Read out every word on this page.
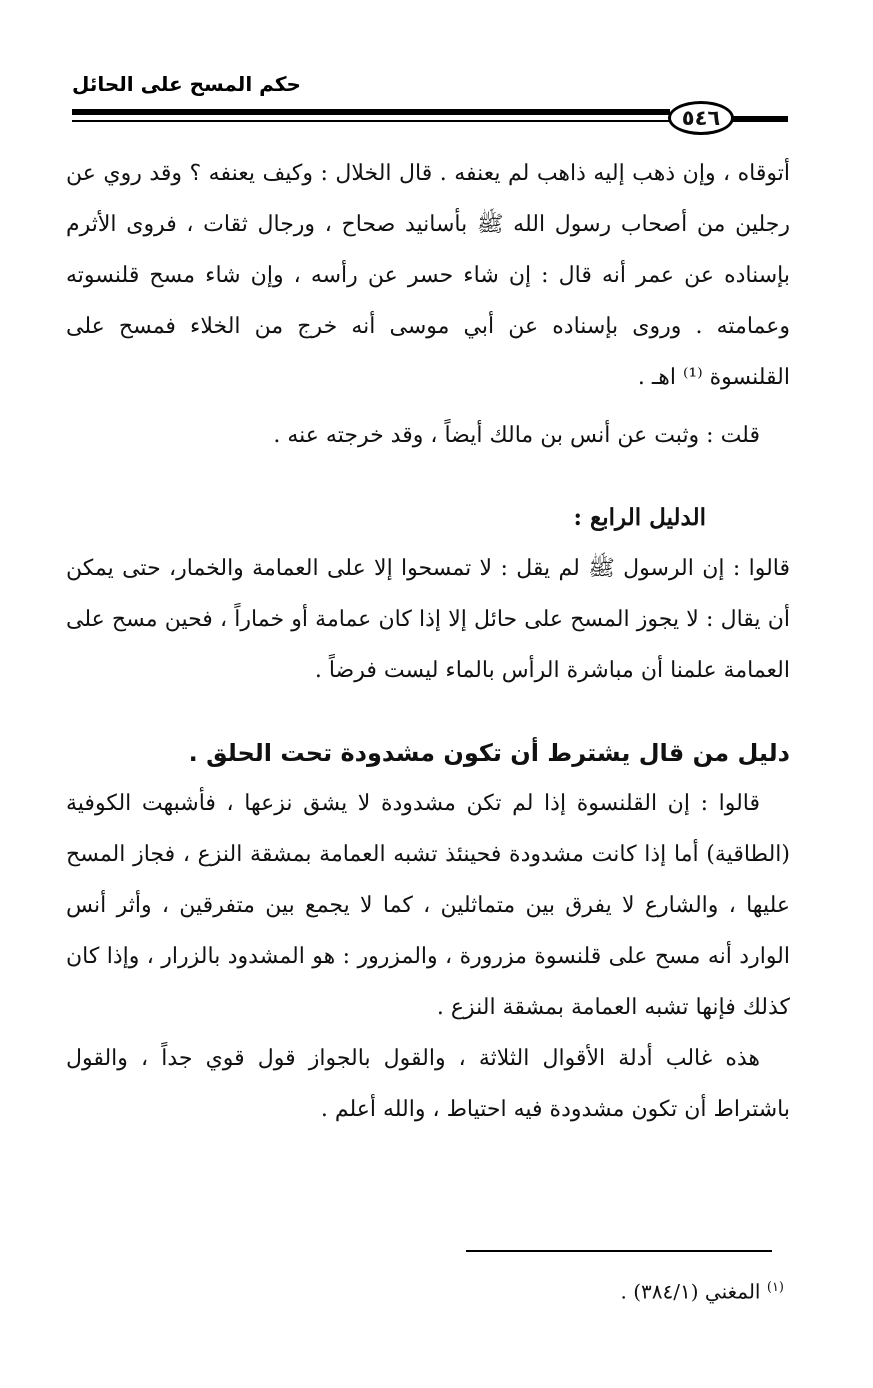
حكم المسح على الحائل
٥٤٦
أتوقاه ، وإن ذهب إليه ذاهب لم يعنفه . قال الخلال : وكيف يعنفه ؟ وقد روي عن رجلين من أصحاب رسول الله ﷺ بأسانيد صحاح ، ورجال ثقات ، فروى الأثرم بإسناده عن عمر أنه قال : إن شاء حسر عن رأسه ، وإن شاء مسح قلنسوته وعمامته . وروى بإسناده عن أبي موسى أنه خرج من الخلاء فمسح على القلنسوة ⁽¹⁾ اهـ .
قلت : وثبت عن أنس بن مالك أيضاً ، وقد خرجته عنه .
الدليل الرابع :
قالوا : إن الرسول ﷺ لم يقل : لا تمسحوا إلا على العمامة والخمار، حتى يمكن أن يقال : لا يجوز المسح على حائل إلا إذا كان عمامة أو خماراً ، فحين مسح على العمامة علمنا أن مباشرة الرأس بالماء ليست فرضاً .
دليل من قال يشترط أن تكون مشدودة تحت الحلق .
قالوا : إن القلنسوة إذا لم تكن مشدودة لا يشق نزعها ، فأشبهت الكوفية (الطاقية) أما إذا كانت مشدودة فحينئذ تشبه العمامة بمشقة النزع ، فجاز المسح عليها ، والشارع لا يفرق بين متماثلين ، كما لا يجمع بين متفرقين ، وأثر أنس الوارد أنه مسح على قلنسوة مزرورة ، والمزرور : هو المشدود بالزرار ، وإذا كان كذلك فإنها تشبه العمامة بمشقة النزع .
هذه غالب أدلة الأقوال الثلاثة ، والقول بالجواز قول قوي جداً ، والقول باشتراط أن تكون مشدودة فيه احتياط ، والله أعلم .
$^{(١)}$ المغني (٣٨٤/١) .
